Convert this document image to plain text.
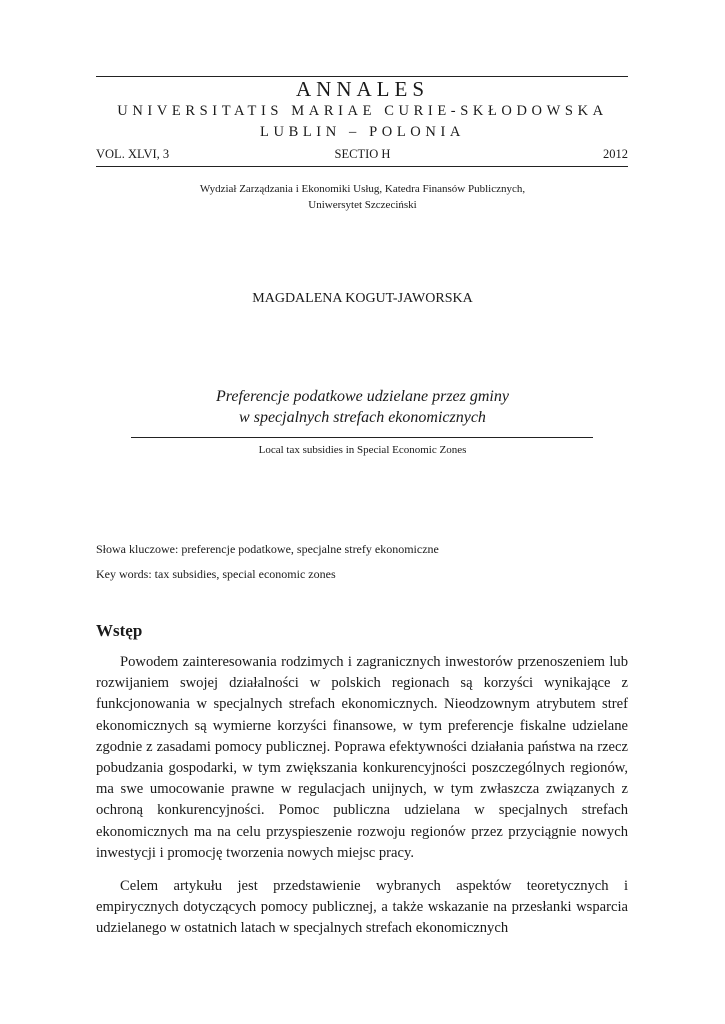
ANNALES
UNIVERSITATIS MARIAE CURIE-SKŁODOWSKA
LUBLIN – POLONIA
VOL. XLVI, 3	SECTIO H	2012
Wydział Zarządzania i Ekonomiki Usług, Katedra Finansów Publicznych,
Uniwersytet Szczeciński
MAGDALENA KOGUT-JAWORSKA
Preferencje podatkowe udzielane przez gminy
w specjalnych strefach ekonomicznych
Local tax subsidies in Special Economic Zones
Słowa kluczowe: preferencje podatkowe, specjalne strefy ekonomiczne
Key words: tax subsidies, special economic zones
Wstęp

Powodem zainteresowania rodzimych i zagranicznych inwestorów przenoszeniem lub rozwijaniem swojej działalności w polskich regionach są korzyści wynikające z funkcjonowania w specjalnych strefach ekonomicznych. Nieodzownym atrybutem stref ekonomicznych są wymierne korzyści finansowe, w tym preferencje fiskalne udzielane zgodnie z zasadami pomocy publicznej. Poprawa efektywności działania państwa na rzecz pobudzania gospodarki, w tym zwiększania konkurencyjności poszczególnych regionów, ma swe umocowanie prawne w regulacjach unijnych, w tym zwłaszcza związanych z ochroną konkurencyjności. Pomoc publiczna udzielana w specjalnych strefach ekonomicznych ma na celu przyspieszenie rozwoju regionów przez przyciągnie nowych inwestycji i promocję tworzenia nowych miejsc pracy.

Celem artykułu jest przedstawienie wybranych aspektów teoretycznych i empirycznych dotyczących pomocy publicznej, a także wskazanie na przesłanki wsparcia udzielanego w ostatnich latach w specjalnych strefach ekonomicznych
